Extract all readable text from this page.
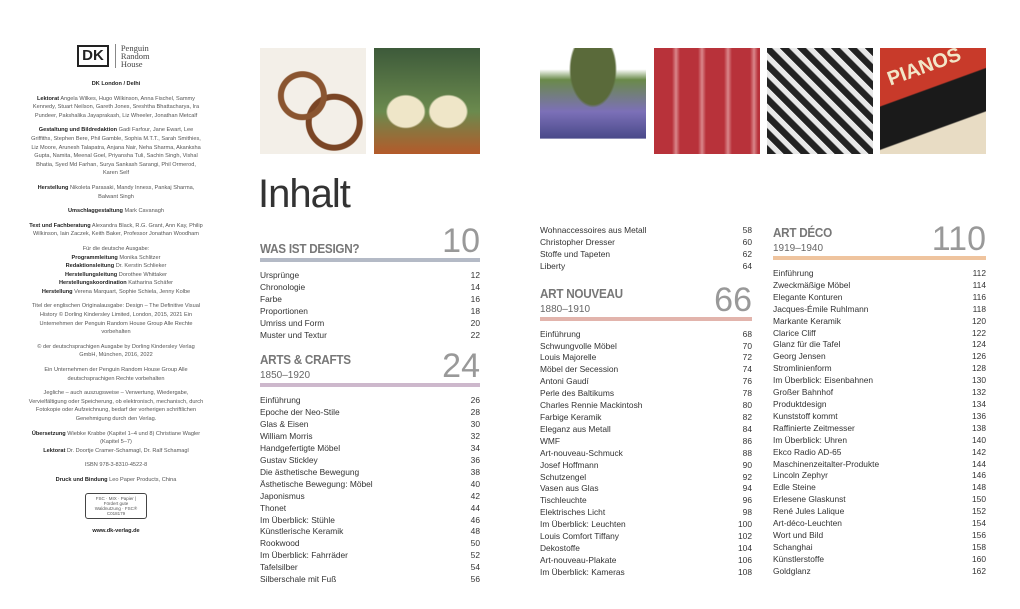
DK	Penguin Random House

DK London / Delhi

Lektorat Angela Wilkes, Hugo Wilkinson, Anna Fischel, Sammy Kennedy, Stuart Neilson, Gareth Jones, Sreshtha Bhattacharya, Ira Pundeer, Pakshalika Jayaprakash, Liz Wheeler, Jonathan Metcalf

Gestaltung und Bildredaktion Gadi Farfour, Jane Ewart, Lee Griffiths, Stephen Bere, Phil Gamble, Sophia M.T.T., Sarah Smithies, Liz Moore, Arunesh Talapatra, Anjana Nair, Neha Sharma, Akanksha Gupta, Namita, Meenal Goel, Priyansha Tuli, Sachin Singh, Vishal Bhatia, Syed Md Farhan, Surya Sankash Sarangi, Phil Ormerod, Karen Self

Herstellung Nikoleta Parasaki, Mandy Inness, Pankaj Sharma, Balwant Singh

Umschlaggestaltung Mark Cavanagh

Text und Fachberatung Alexandra Black, R.G. Grant, Ann Kay, Philip Wilkinson, Iain Zaczek, Keith Baker, Professor Jonathan Woodham

Für die deutsche Ausgabe:

Programmleitung Monika Schlitzer
Redaktionsleitung Dr. Kerstin Schlieker
Herstellungsleitung Dorothee Whittaker
Herstellungskoordination Katharina Schäfer
Herstellung Verena Marquart, Sophie Schiela, Jenny Kolbe

Titel der englischen Originalausgabe: Design – The Definitive Visual History © Dorling Kindersley Limited, London, 2015, 2021 Ein Unternehmen der Penguin Random House Group Alle Rechte vorbehalten

© der deutschsprachigen Ausgabe by Dorling Kindersley Verlag GmbH, München, 2016, 2022

Ein Unternehmen der Penguin Random House Group Alle deutschsprachigen Rechte vorbehalten

Jegliche – auch auszugsweise – Verwertung, Wiedergabe, Vervielfältigung oder Speicherung, ob elektronisch, mechanisch, durch Fotokopie oder Aufzeichnung, bedarf der vorherigen schriftlichen Genehmigung durch den Verlag.

Übersetzung Wiebke Krabbe (Kapitel 1–4 und 8) Christiane Wagler (Kapitel 5–7)

Lektorat Dr. Doortje Cramer-Schamagl, Dr. Ralf Schamagl

ISBN 978-3-8310-4522-8

Druck und Bindung Leo Paper Products, China

FSC · MIX · Papier | Fördert gute Waldnutzung · FSC® C018179

www.dk-verlag.de

PIANOS
Inhalt
WAS IST DESIGN? 10
Ursprünge	12
Chronologie	14
Farbe	16
Proportionen	18
Umriss und Form	20
Muster und Textur	22
ARTS & CRAFTS
1850–1920	24
Einführung	26
Epoche der Neo-Stile	28
Glas & Eisen	30
William Morris	32
Handgefertigte Möbel	34
Gustav Stickley	36
Die ästhetische Bewegung	38
Ästhetische Bewegung: Möbel	40
Japonismus	42
Thonet	44
Im Überblick: Stühle	46
Künstlerische Keramik	48
Rookwood	50
Im Überblick: Fahrräder	52
Tafelsilber	54
Silberschale mit Fuß	56
Wohnaccessoires aus Metall	58
Christopher Dresser	60
Stoffe und Tapeten	62
Liberty	64
ART NOUVEAU
1880–1910	66
Einführung	68
Schwungvolle Möbel	70
Louis Majorelle	72
Möbel der Secession	74
Antoni Gaudí	76
Perle des Baltikums	78
Charles Rennie Mackintosh	80
Farbige Keramik	82
Eleganz aus Metall	84
WMF	86
Art-nouveau-Schmuck	88
Josef Hoffmann	90
Schutzengel	92
Vasen aus Glas	94
Tischleuchte	96
Elektrisches Licht	98
Im Überblick: Leuchten	100
Louis Comfort Tiffany	102
Dekostoffe	104
Art-nouveau-Plakate	106
Im Überblick: Kameras	108
ART DÉCO
1919–1940	110
Einführung	112
Zweckmäßige Möbel	114
Elegante Konturen	116
Jacques-Émile Ruhlmann	118
Markante Keramik	120
Clarice Cliff	122
Glanz für die Tafel	124
Georg Jensen	126
Stromlinienform	128
Im Überblick: Eisenbahnen	130
Großer Bahnhof	132
Produktdesign	134
Kunststoff kommt	136
Raffinierte Zeitmesser	138
Im Überblick: Uhren	140
Ekco Radio AD-65	142
Maschinenzeitalter-Produkte	144
Lincoln Zephyr	146
Edle Steine	148
Erlesene Glaskunst	150
René Jules Lalique	152
Art-déco-Leuchten	154
Wort und Bild	156
Schanghai	158
Künstlerstoffe	160
Goldglanz	162
